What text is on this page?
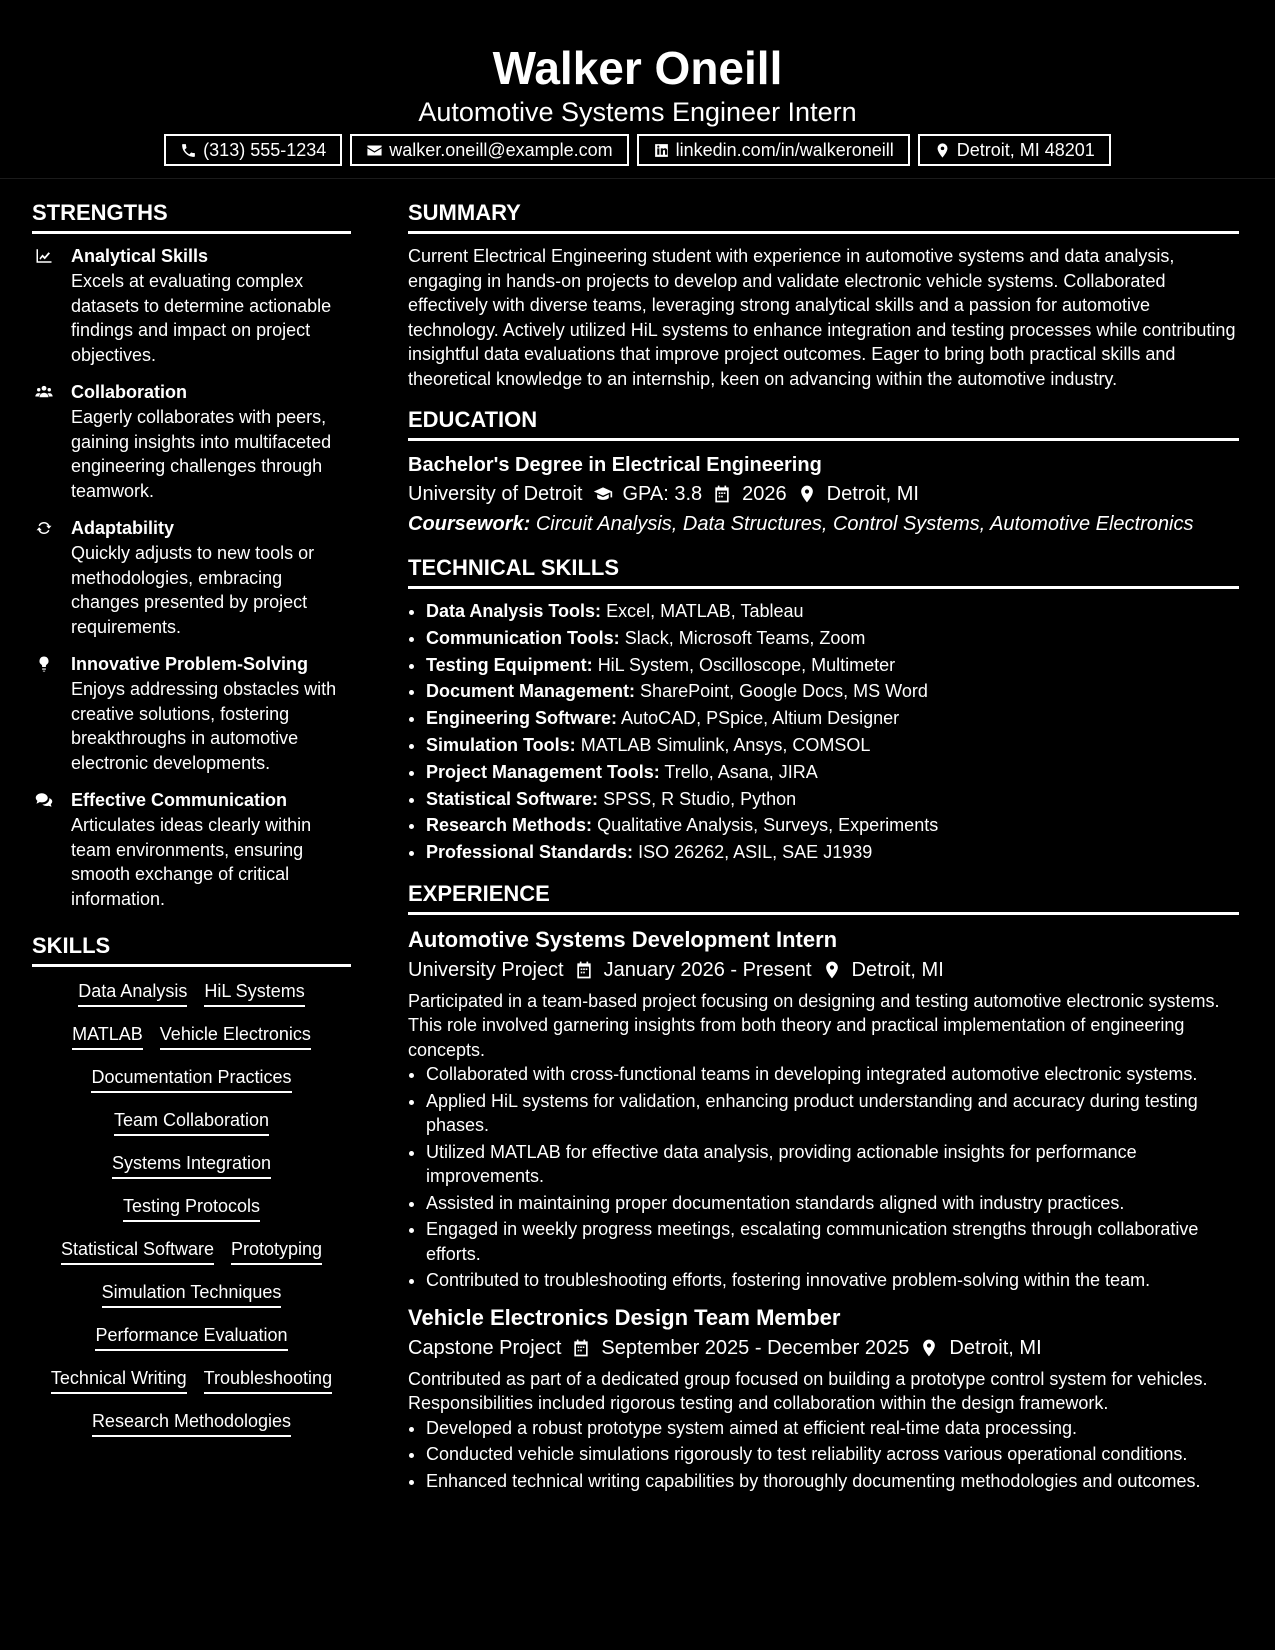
Walker Oneill
Automotive Systems Engineer Intern
(313) 555-1234	walker.oneill@example.com	linkedin.com/in/walkeroneill	Detroit, MI 48201
STRENGTHS
Analytical Skills
Excels at evaluating complex datasets to determine actionable findings and impact on project objectives.
Collaboration
Eagerly collaborates with peers, gaining insights into multifaceted engineering challenges through teamwork.
Adaptability
Quickly adjusts to new tools or methodologies, embracing changes presented by project requirements.
Innovative Problem-Solving
Enjoys addressing obstacles with creative solutions, fostering breakthroughs in automotive electronic developments.
Effective Communication
Articulates ideas clearly within team environments, ensuring smooth exchange of critical information.
SKILLS
Data Analysis HiL Systems
MATLAB Vehicle Electronics
Documentation Practices
Team Collaboration
Systems Integration
Testing Protocols
Statistical Software Prototyping
Simulation Techniques
Performance Evaluation
Technical Writing Troubleshooting
Research Methodologies
SUMMARY

Current Electrical Engineering student with experience in automotive systems and data analysis, engaging in hands-on projects to develop and validate electronic vehicle systems. Collaborated effectively with diverse teams, leveraging strong analytical skills and a passion for automotive technology. Actively utilized HiL systems to enhance integration and testing processes while contributing insightful data evaluations that improve project outcomes. Eager to bring both practical skills and theoretical knowledge to an internship, keen on advancing within the automotive industry.

EDUCATION
Bachelor's Degree in Electrical Engineering
University of Detroit GPA: 3.8 2026 Detroit, MI
Coursework: Circuit Analysis, Data Structures, Control Systems, Automotive Electronics
TECHNICAL SKILLS
• Data Analysis Tools: Excel, MATLAB, Tableau
• Communication Tools: Slack, Microsoft Teams, Zoom
• Testing Equipment: HiL System, Oscilloscope, Multimeter
• Document Management: SharePoint, Google Docs, MS Word
• Engineering Software: AutoCAD, PSpice, Altium Designer
• Simulation Tools: MATLAB Simulink, Ansys, COMSOL
• Project Management Tools: Trello, Asana, JIRA
• Statistical Software: SPSS, R Studio, Python
• Research Methods: Qualitative Analysis, Surveys, Experiments
• Professional Standards: ISO 26262, ASIL, SAE J1939
EXPERIENCE
Automotive Systems Development Intern
University Project January 2026 - Present Detroit, MI

Participated in a team-based project focusing on designing and testing automotive electronic systems. This role involved garnering insights from both theory and practical implementation of engineering concepts.

• Collaborated with cross-functional teams in developing integrated automotive electronic systems.
• Applied HiL systems for validation, enhancing product understanding and accuracy during testing phases.
• Utilized MATLAB for effective data analysis, providing actionable insights for performance improvements.
• Assisted in maintaining proper documentation standards aligned with industry practices.
• Engaged in weekly progress meetings, escalating communication strengths through collaborative efforts.
• Contributed to troubleshooting efforts, fostering innovative problem-solving within the team.
Vehicle Electronics Design Team Member
Capstone Project September 2025 - December 2025 Detroit, MI

Contributed as part of a dedicated group focused on building a prototype control system for vehicles. Responsibilities included rigorous testing and collaboration within the design framework.

• Developed a robust prototype system aimed at efficient real-time data processing.
• Conducted vehicle simulations rigorously to test reliability across various operational conditions.
• Enhanced technical writing capabilities by thoroughly documenting methodologies and outcomes.
